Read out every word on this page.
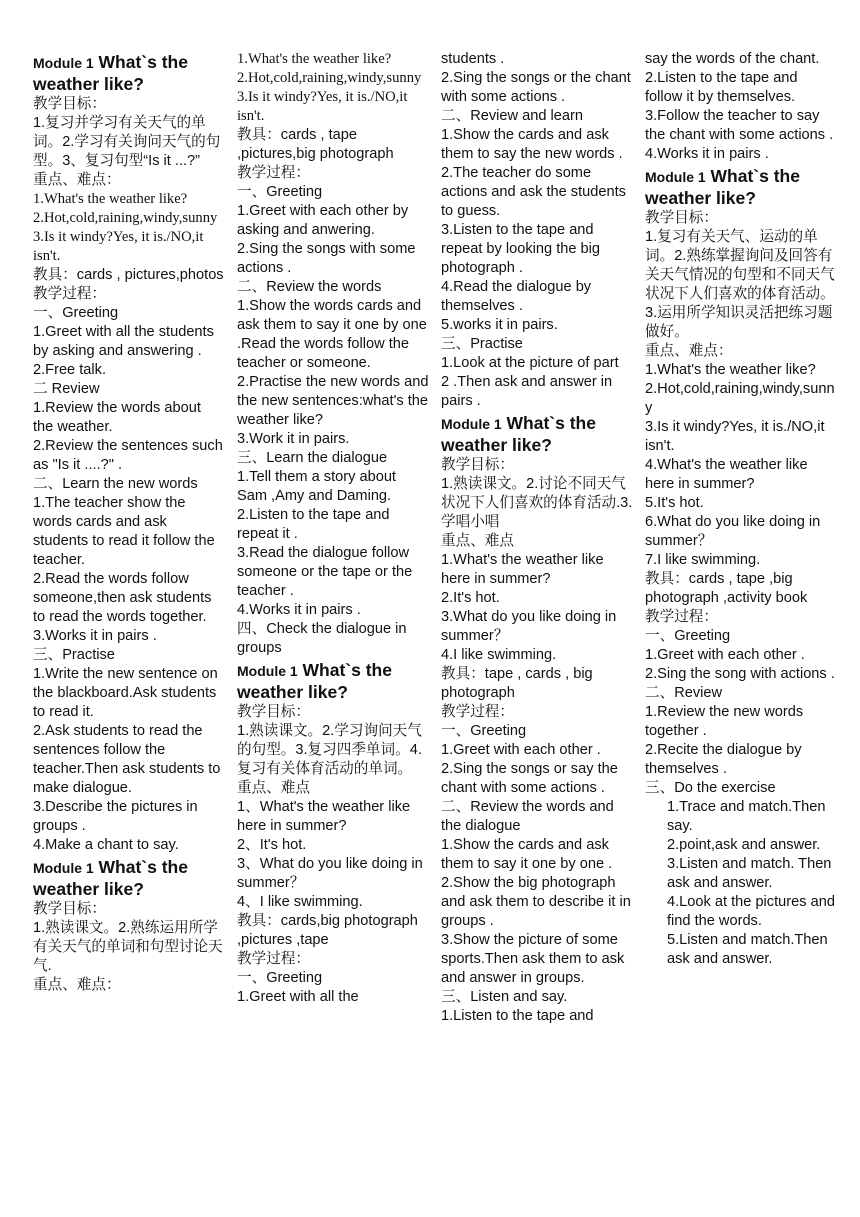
Module 1 What`s the weather like?
教学目标：
1.复习并学习有关天气的单词。2.学习有关询问天气的句型。3、复习句型“Is it ...?”
重点、难点：
1.What's the weather like?
2.Hot,cold,raining,windy,sunny
3.Is it windy?Yes, it is./NO,it isn't.
教具：cards , pictures,photos
教学过程：
一、Greeting
1.Greet with all the students by asking and answering .
2.Free talk.
二 Review
1.Review the words about the weather.
2.Review the sentences such as "Is it ....?" .
二、Learn the new words
1.The teacher show the words cards and ask students to read it follow the teacher.
2.Read the words follow someone,then ask students to read the words together.
3.Works it in pairs .
三、Practise
1.Write the new sentence on the blackboard.Ask students to read it.
2.Ask students to read the sentences follow the teacher.Then ask students to make dialogue.
3.Describe the pictures in groups .
4.Make a chant to say.
Module 1 What`s the weather like?
教学目标：
1.熟读课文。2.熟练运用所学有关天气的单词和句型讨论天气.
重点、难点：
1.What's the weather like?
2.Hot,cold,raining,windy,sunny
3.Is it windy?Yes, it is./NO,it isn't.
教具：cards , tape ,pictures,big photograph
教学过程：
一、Greeting
1.Greet with each other by asking and anwering.
2.Sing the songs with some actions .
二、Review the words
1.Show the words cards and ask them to say it one by one .Read the words follow the teacher or someone.
2.Practise the new words and the new sentences:what's the weather like?
3.Work it in pairs.
三、Learn the dialogue
1.Tell them a story about Sam ,Amy and Daming.
2.Listen to the tape and repeat it .
3.Read the dialogue follow someone or the tape or the teacher .
4.Works it in pairs .
四、Check the dialogue in groups
Module 1 What`s the weather like?
教学目标：
1.熟读课文。2.学习询问天气的句型。3.复习四季单词。4.复习有关体育活动的单词。
重点、难点
1、What's the weather like here in summer?
2、It's hot.
3、What do you like doing in summer？
4、I like swimming.
教具：cards,big photograph ,pictures ,tape
教学过程：
一、Greeting
1.Greet with all the
students .
2.Sing the songs or the chant with some actions .
二、Review and learn
1.Show the cards and ask them to say the new words .
2.The teacher do some actions and ask the students to guess.
3.Listen to the tape and repeat by looking the big photograph .
4.Read the dialogue by themselves .
5.works it in pairs.
三、Practise
1.Look at the picture of part
2 .Then ask and answer in pairs .
Module 1 What`s the weather like?
教学目标：
1.熟读课文。2.讨论不同天气状况下人们喜欢的体育活动.3.学唱小唱
重点、难点
1.What's the weather like here in summer?
2.It's hot.
3.What do you like doing in summer？
4.I like swimming.
教具：tape , cards , big photograph
教学过程：
一、Greeting
1.Greet with each other .
2.Sing the songs or say the chant with some actions .
二、Review the words and the dialogue
1.Show the cards and ask them to say it one by one .
2.Show the big photograph and ask them to describe it in groups .
3.Show the picture of some sports.Then ask them to ask and answer in groups.
三、Listen and say.
1.Listen to the tape and
say the words of the chant.
2.Listen to the tape and follow it by themselves.
3.Follow the teacher to say the chant with some actions .
4.Works it in pairs .
Module 1 What`s the weather like?
教学目标：
1.复习有关天气、运动的单词。2.熟练掌握询问及回答有关天气情况的句型和不同天气状况下人们喜欢的体育活动。3.运用所学知识灵活把练习题做好。
重点、难点：
1.What's the weather like?
2.Hot,cold,raining,windy,sunny
3.Is it windy?Yes, it is./NO,it isn't.
4.What's the weather like here in summer?
5.It's hot.
6.What do you like doing in summer？
7.I like swimming.
教具：cards , tape ,big photograph ,activity book
教学过程：
一、Greeting
1.Greet with each other .
2.Sing the song with actions .
二、Review
1.Review the new words together .
2.Recite the dialogue by themselves .
三、Do the exercise
1.Trace and match.Then say.
2.point,ask and answer.
3.Listen and match. Then ask and answer.
4.Look at the pictures and find the words.
5.Listen and match.Then ask and answer.
